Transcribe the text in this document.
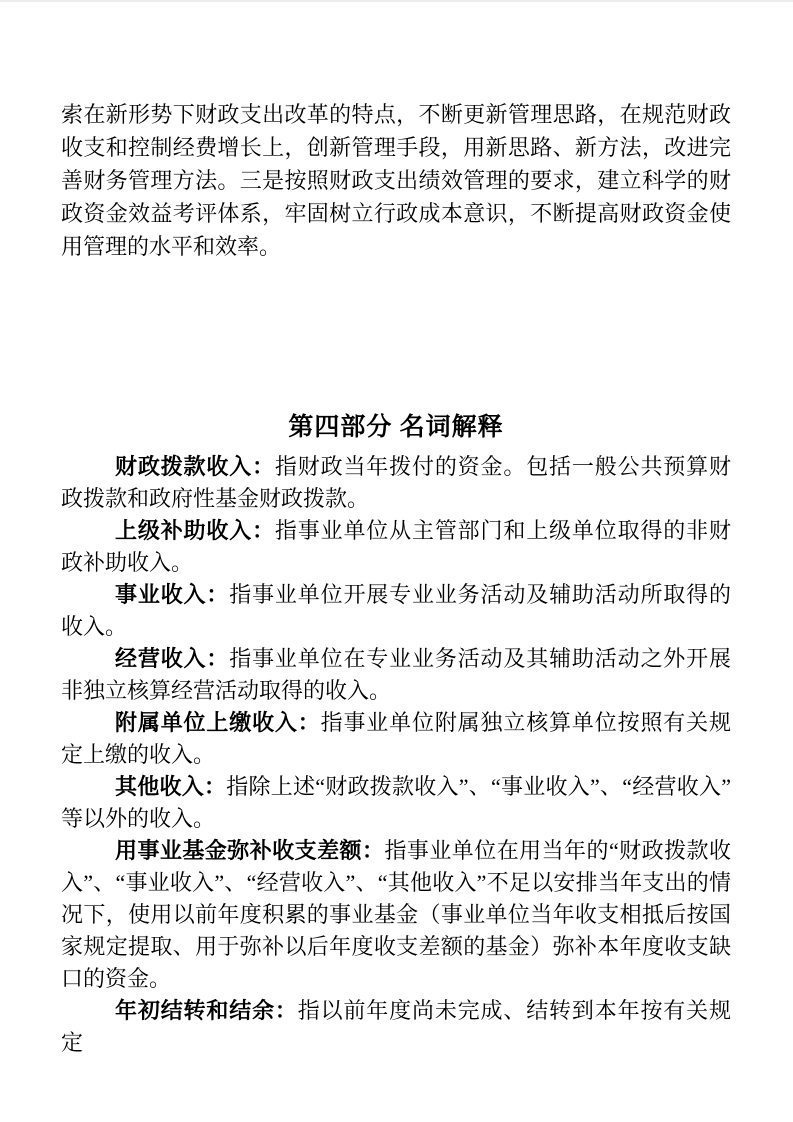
索在新形势下财政支出改革的特点，不断更新管理思路，在规范财政收支和控制经费增长上，创新管理手段，用新思路、新方法，改进完善财务管理方法。三是按照财政支出绩效管理的要求，建立科学的财政资金效益考评体系，牢固树立行政成本意识，不断提高财政资金使用管理的水平和效率。

第四部分 名词解释

财政拨款收入：指财政当年拨付的资金。包括一般公共预算财政拨款和政府性基金财政拨款。

上级补助收入：指事业单位从主管部门和上级单位取得的非财政补助收入。

事业收入：指事业单位开展专业业务活动及辅助活动所取得的收入。

经营收入：指事业单位在专业业务活动及其辅助活动之外开展非独立核算经营活动取得的收入。

附属单位上缴收入：指事业单位附属独立核算单位按照有关规定上缴的收入。

其他收入：指除上述“财政拨款收入”、“事业收入”、“经营收入”等以外的收入。

用事业基金弥补收支差额：指事业单位在用当年的“财政拨款收入”、“事业收入”、“经营收入”、“其他收入”不足以安排当年支出的情况下，使用以前年度积累的事业基金（事业单位当年收支相抵后按国家规定提取、用于弥补以后年度收支差额的基金）弥补本年度收支缺口的资金。

年初结转和结余：指以前年度尚未完成、结转到本年按有关规定
